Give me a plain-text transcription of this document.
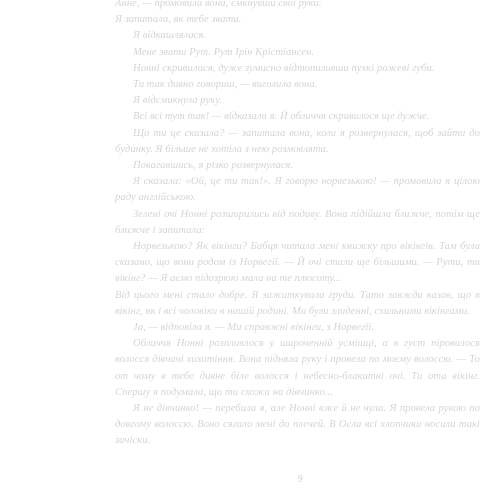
Анне, — промовила вона, ємкнувши свої руки.

Я запитала, як тебе звати.

Я відкашлялася.

Мене звати Рут. Рут Ірін Крістіансен.

Нонні скривилася, дуже зумисно відтопиливши пухкі рожеві губи.

Ти так дивно говориш, — виголила вона.

Я відсмикнула руку.

Всі всі тут так! — відказала я. Й обличчя скривилося ще дужче.

Що ти це сказала? — запитала вона, коли я розвернулася, щоб зайти до будинку. Я більше не хотіла з нею розмовляти.

Повагавшись, я різко розвернулася.

Я сказала: «Ой, це ти так!». Я говорю норвезькою! — промовила я цілою раду англійською.

Зелені очі Нонні розширились від подиву. Вона підійшла ближче, потім ще ближче і запитала:

Норвезькою? Як вікінги? Бабця читала мені книжку про вікінгів. Там була сказано, що вони родом із Норвегії. — Й очі стали ще більшими. — Рути, ти вікінг? — Я аємо підозрюю мала на те плюсоту...

Від цього мені стало добре. Я зажиткувала груди. Тато завжди казав, що я вікінг, як і всі чоловіки в нашій родині. Ми були злиденні, схильними вікінгами.

Ja, — відповіла я. — Ми справжні вікінги, з Норвегії.

Обличчя Нонні розпливлося у широченній усмішці, а в густ піровилося волосся дівчачі хихотіння. Вона підняла руку і провела по моєму волоссю. — То от чому в тебе дивне біле волосся і небесно-блакитні очі. Ти ота вікінг. Спершу я подумала, що ти схожа на дівчинко...

Я не дівчинко! — перебила я, але Нонні вже й не чула. Я провела рукою по довгому волоссю. Воно сягало мені до плечей. В Осла всі хлопчики носили такі зачіски.

9
